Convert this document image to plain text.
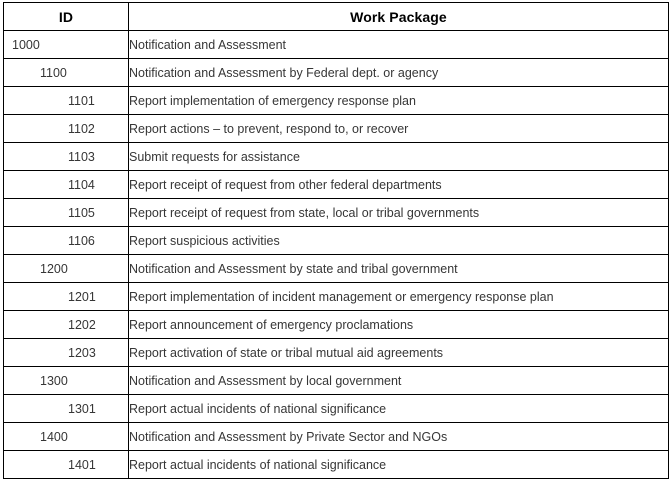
ID	Work Package
1000	Notification and Assessment
1100	Notification and Assessment by Federal dept. or agency
1101	Report implementation of emergency response plan
1102	Report actions – to prevent, respond to, or recover
1103	Submit requests for assistance
1104	Report receipt of request from other federal departments
1105	Report receipt of request from state, local or tribal governments
1106	Report suspicious activities
1200	Notification and Assessment by state and tribal government
1201	Report implementation of incident management or emergency response plan
1202	Report announcement of emergency proclamations
1203	Report activation of state or tribal mutual aid agreements
1300	Notification and Assessment by local government
1301	Report actual incidents of national significance
1400	Notification and Assessment by Private Sector and NGOs
1401	Report actual incidents of national significance
